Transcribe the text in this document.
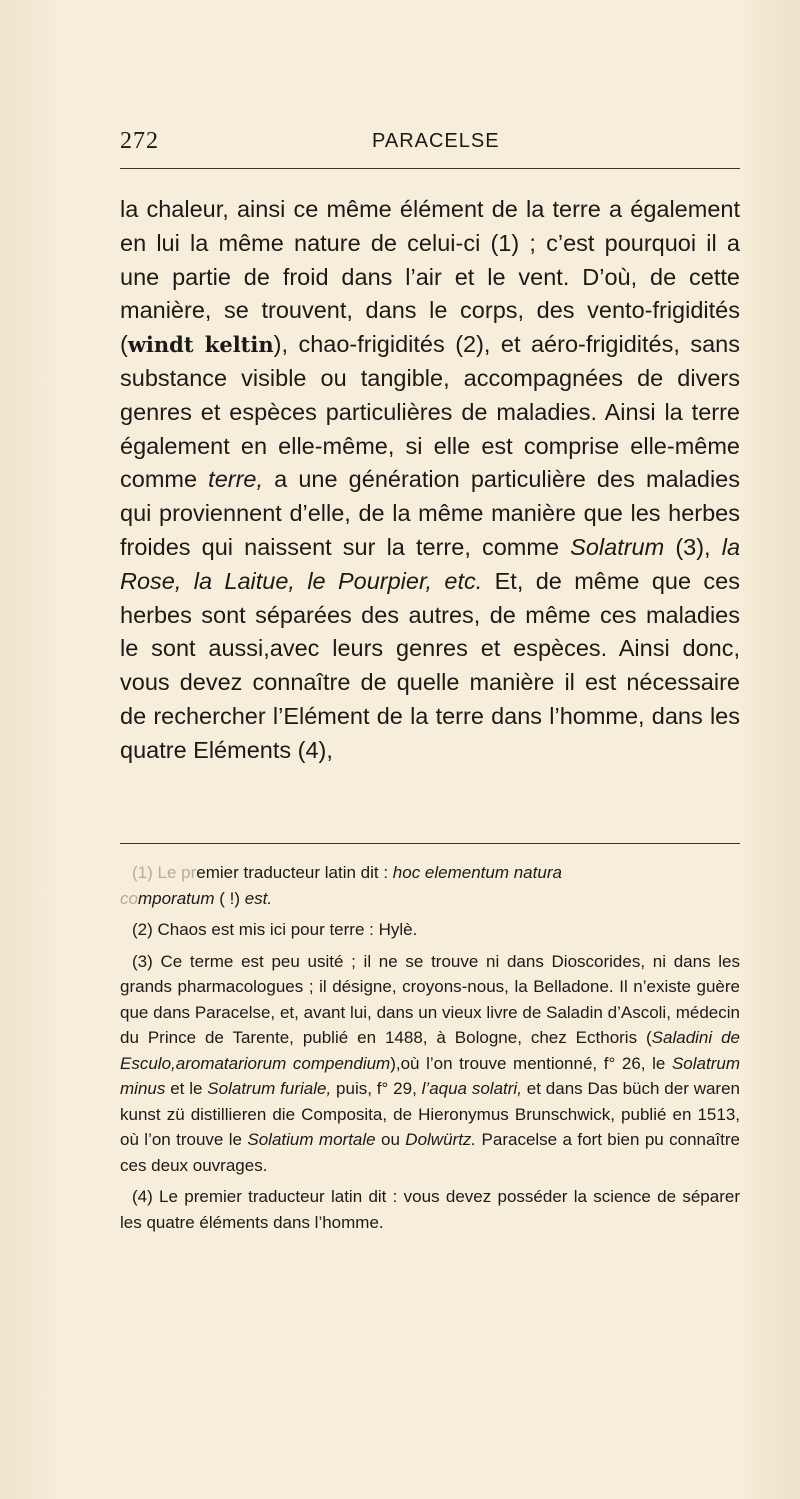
272	PARACELSE

la chaleur, ainsi ce même élément de la terre a également en lui la même nature de celui-ci (1) ; c’est pourquoi il a une partie de froid dans l’air et le vent. D’où, de cette manière, se trouvent, dans le corps, des vento-frigidités (windt keltin), chao-frigidités (2), et aéro-frigidités, sans substance visible ou tangible, accompagnées de divers genres et espèces particulières de maladies. Ainsi la terre également en elle-même, si elle est comprise elle-même comme terre, a une génération particulière des maladies qui proviennent d’elle, de la même manière que les herbes froides qui naissent sur la terre, comme Solatrum (3), la Rose, la Laitue, le Pourpier, etc. Et, de même que ces herbes sont séparées des autres, de même ces maladies le sont aussi,avec leurs genres et espèces. Ainsi donc, vous devez connaître de quelle manière il est nécessaire de rechercher l’Elément de la terre dans l’homme, dans les quatre Eléments (4),

(1) Le premier traducteur latin dit : hoc elementum natura
comporatum ( !) est.

(2) Chaos est mis ici pour terre : Hylè.

(3) Ce terme est peu usité ; il ne se trouve ni dans Dioscorides, ni dans les grands pharmacologues ; il désigne, croyons-nous, la Belladone. Il n’existe guère que dans Paracelse, et, avant lui, dans un vieux livre de Saladin d’Ascoli, médecin du Prince de Tarente, publié en 1488, à Bologne, chez Ecthoris (Saladini de Esculo,aromatariorum compendium),où l’on trouve mentionné, f° 26, le Solatrum minus et le Solatrum furiale, puis, f° 29, l’aqua solatri, et dans Das büch der waren kunst zü distillieren die Composita, de Hieronymus Brunschwick, publié en 1513, où l’on trouve le Solatium mortale ou Dolwürtz. Paracelse a fort bien pu connaître ces deux ouvrages.

(4) Le premier traducteur latin dit : vous devez posséder la science de séparer les quatre éléments dans l’homme.
